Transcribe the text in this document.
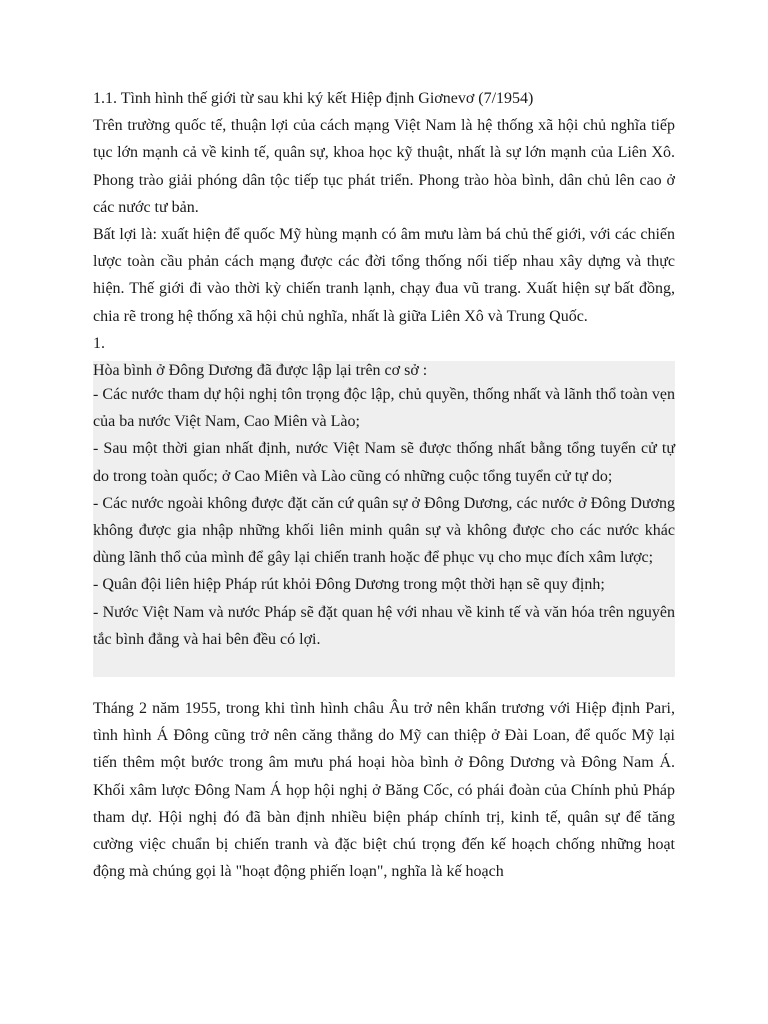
1.1. Tình hình thế giới từ sau khi ký kết Hiệp định Giơnevơ (7/1954)

Trên trường quốc tế, thuận lợi của cách mạng Việt Nam là hệ thống xã hội chủ nghĩa tiếp tục lớn mạnh cả về kinh tế, quân sự, khoa học kỹ thuật, nhất là sự lớn mạnh của Liên Xô. Phong trào giải phóng dân tộc tiếp tục phát triển. Phong trào hòa bình, dân chủ lên cao ở các nước tư bản.

Bất lợi là: xuất hiện để quốc Mỹ hùng mạnh có âm mưu làm bá chủ thế giới, với các chiến lược toàn cầu phản cách mạng được các đời tổng thống nối tiếp nhau xây dựng và thực hiện. Thế giới đi vào thời kỳ chiến tranh lạnh, chạy đua vũ trang. Xuất hiện sự bất đồng, chia rẽ trong hệ thống xã hội chủ nghĩa, nhất là giữa Liên Xô và Trung Quốc.

1.

Hòa bình ở Đông Dương đã được lập lại trên cơ sở :

- Các nước tham dự hội nghị tôn trọng độc lập, chủ quyền, thống nhất và lãnh thổ toàn vẹn của ba nước Việt Nam, Cao Miên và Lào;

- Sau một thời gian nhất định, nước Việt Nam sẽ được thống nhất bằng tổng tuyển cử tự do trong toàn quốc; ở Cao Miên và Lào cũng có những cuộc tổng tuyển cử tự do;

- Các nước ngoài không được đặt căn cứ quân sự ở Đông Dương, các nước ở Đông Dương không được gia nhập những khối liên minh quân sự và không được cho các nước khác dùng lãnh thổ của mình để gây lại chiến tranh hoặc để phục vụ cho mục đích xâm lược;

- Quân đội liên hiệp Pháp rút khỏi Đông Dương trong một thời hạn sẽ quy định;

- Nước Việt Nam và nước Pháp sẽ đặt quan hệ với nhau về kinh tế và văn hóa trên nguyên tắc bình đẳng và hai bên đều có lợi.

Tháng 2 năm 1955, trong khi tình hình châu Âu trở nên khẩn trương với Hiệp định Pari, tình hình Á Đông cũng trở nên căng thẳng do Mỹ can thiệp ở Đài Loan, để quốc Mỹ lại tiến thêm một bước trong âm mưu phá hoại hòa bình ở Đông Dương và Đông Nam Á. Khối xâm lược Đông Nam Á họp hội nghị ở Băng Cốc, có phái đoàn của Chính phủ Pháp tham dự. Hội nghị đó đã bàn định nhiều biện pháp chính trị, kinh tế, quân sự để tăng cường việc chuẩn bị chiến tranh và đặc biệt chú trọng đến kế hoạch chống những hoạt động mà chúng gọi là "hoạt động phiến loạn", nghĩa là kế hoạch
